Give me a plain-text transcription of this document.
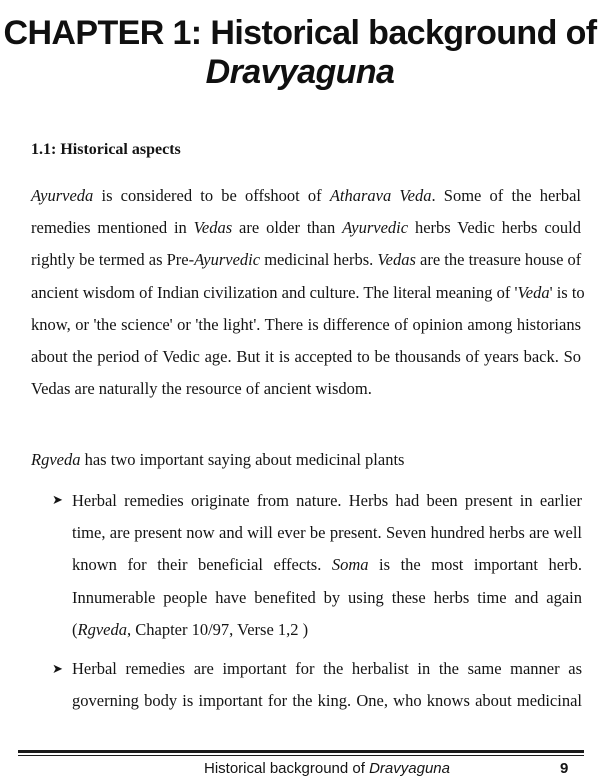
CHAPTER 1: Historical background of
Dravyaguna
1.1: Historical aspects
Ayurveda is considered to be offshoot of Atharava Veda. Some of the herbal
remedies mentioned in Vedas are older than Ayurvedic herbs Vedic herbs could
rightly be termed as Pre-Ayurvedic medicinal herbs. Vedas are the treasure house of
ancient wisdom of Indian civilization and culture. The literal meaning of 'Veda' is to
know, or 'the science' or 'the light'. There is difference of opinion among historians
about the period of Vedic age. But it is accepted to be thousands of years back. So
Vedas are naturally the resource of ancient wisdom.

Rgveda has two important saying about medicinal plants

➤ Herbal remedies originate from nature. Herbs had been present in earlier
time, are present now and will ever be present. Seven hundred herbs are well
known for their beneficial effects. Soma is the most important herb.
Innumerable people have benefited by using these herbs time and again
(Rgveda, Chapter 10/97, Verse 1,2 )
➤ Herbal remedies are important for the herbalist in the same manner as
governing body is important for the king. One, who knows about medicinal
Historical background of Dravyaguna	9
